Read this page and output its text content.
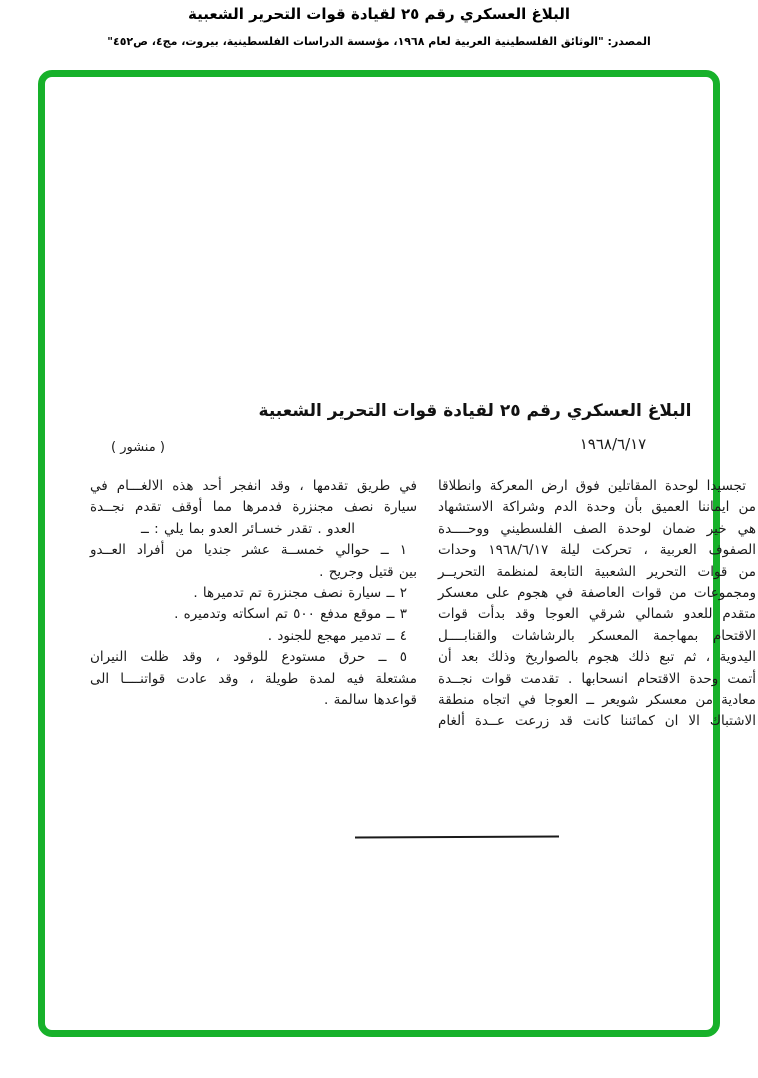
البلاغ العسكري رقم ٢٥ لقيادة قوات التحرير الشعبية
المصدر: "الوثائق الفلسطينية العربية لعام ١٩٦٨، مؤسسة الدراسات الفلسطينية، بيروت، مج٤، ص٤٥٢"
البلاغ العسكري رقم ٢٥ لقيادة قوات التحرير الشعبية
١٩٦٨/٦/١٧
( منشور )
تجسيدا لوحدة المقاتلين فوق ارض المعركة وانطلاقا
من ايماننا العميق بأن وحدة الدم وشراكة الاستشهاد
هي خير ضمان لوحدة الصف الفلسطيني ووحــــدة
الصفوف العربية ، تحركت ليلة ١٩٦٨/٦/١٧ وحدات
من قوات التحرير الشعبية التابعة لمنظمة التحريــر
ومجموعات من قوات العاصفة في هجوم على معسكر
متقدم للعدو شمالي شرقي العوجا وقد بدأت قوات
الاقتحام بمهاجمة المعسكر بالرشاشات والقنابــــل
اليدوية ، ثم تبع ذلك هجوم بالصواريخ وذلك بعد أن
أتمت وحدة الاقتحام انسحابها . تقدمت قوات نجــدة
معادية من معسكر شويعر ــ العوجا في اتجاه منطقة
الاشتباك الا ان كمائننا كانت قد زرعت عــدة ألغام
في طريق تقدمها ، وقد انفجر أحد هذه الالغـــام في
سيارة نصف مجنزرة فدمرها مما أوقف تقدم نجــدة
العدو . تقدر خسـائر العدو بما يلي : ــ
١ ــ حوالي خمســة عشر جنديا من أفراد العــدو
بين قتيل وجريح .
٢ ــ سيارة نصف مجنزرة تم تدميرها .
٣ ــ موقع مدفع ٥٠٠ تم اسكاته وتدميره .
٤ ــ تدمير مهجع للجنود .
٥ ــ حرق مستودع للوقود ، وقد ظلت النيران
مشتعلة فيه لمدة طويلة ، وقد عادت قواتنــــا الى
قواعدها سالمة .
